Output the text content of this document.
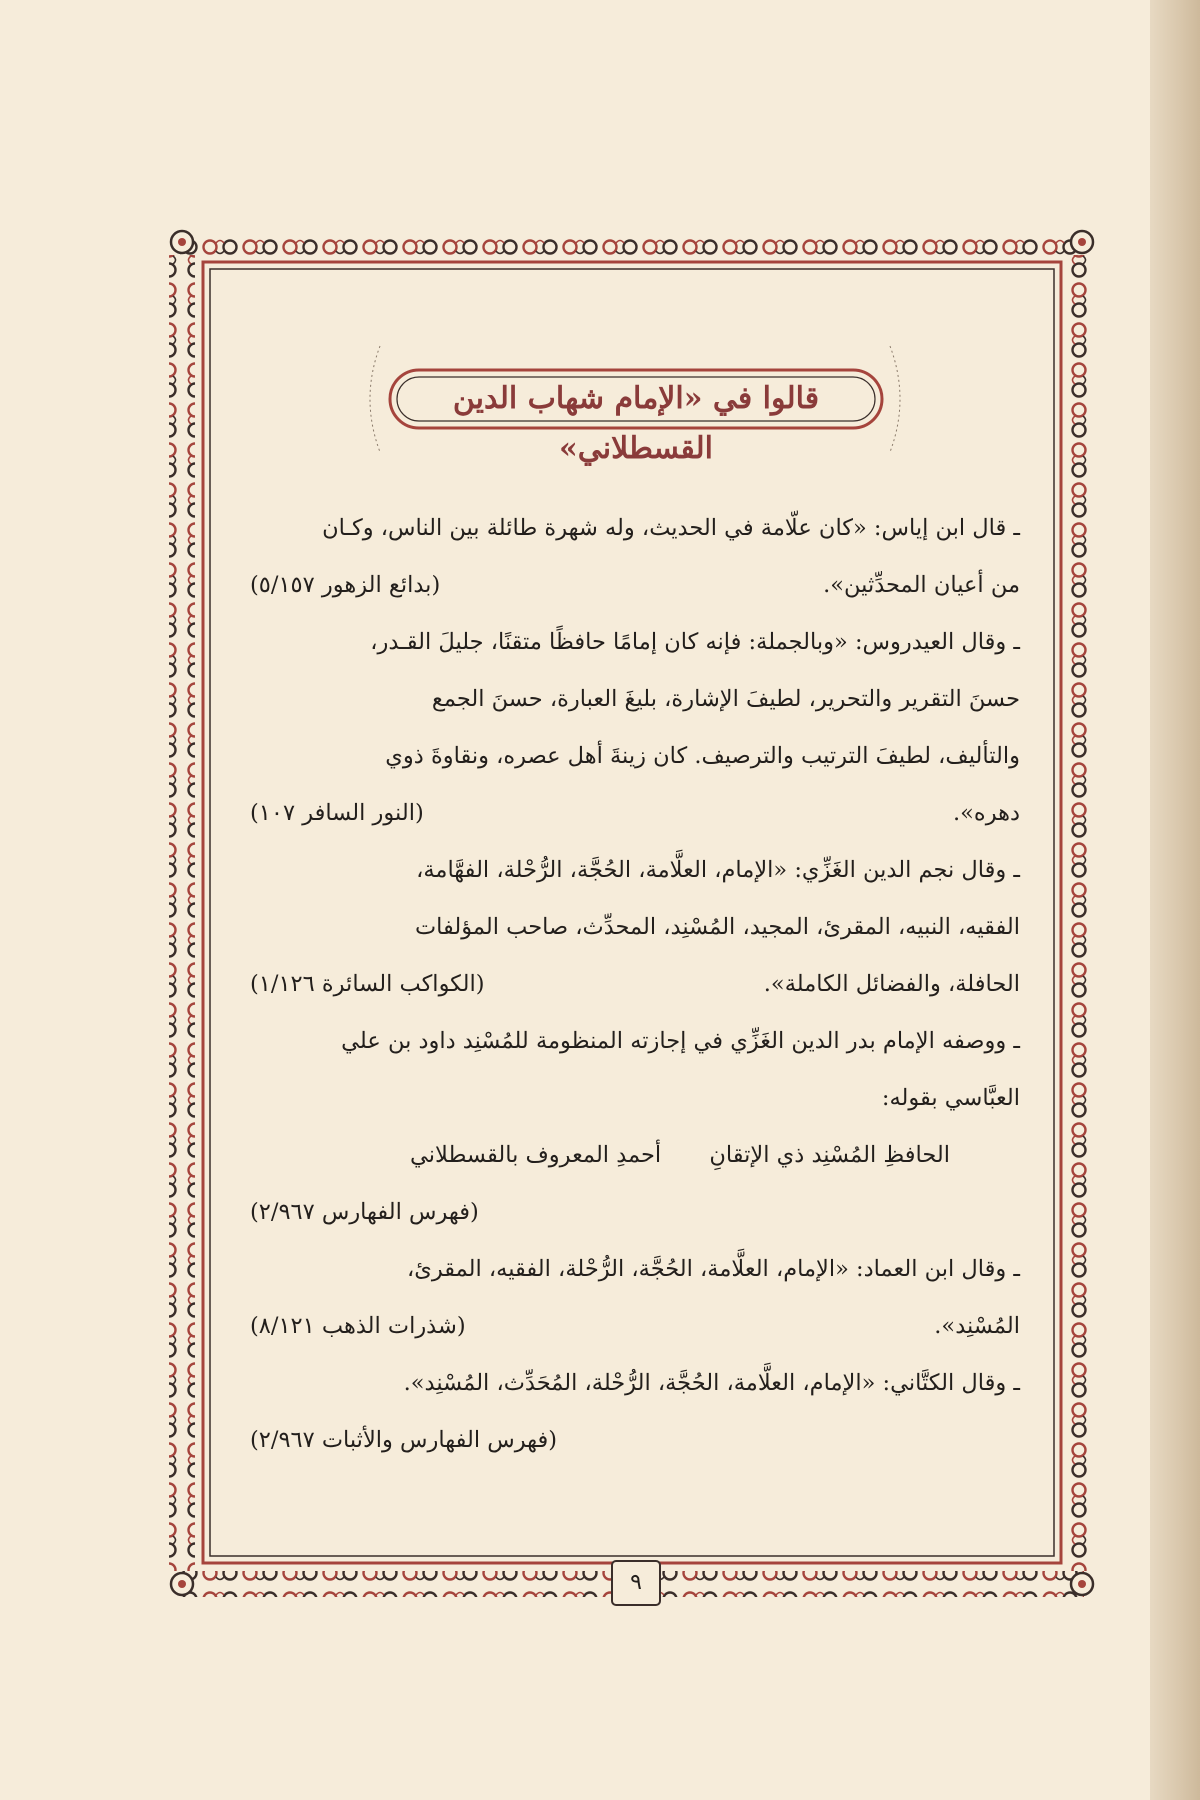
قالوا في «الإمام شهاب الدين القسطلاني»
ـ قال ابن إياس: «كان علّامة في الحديث، وله شهرة طائلة بين الناس، وكـان
من أعيان المحدِّثين».
(بدائع الزهور ٥/١٥٧)
ـ وقال العيدروس: «وبالجملة: فإنه كان إمامًا حافظًا متقنًا، جليلَ القـدر،
حسنَ التقرير والتحرير، لطيفَ الإشارة، بليغَ العبارة، حسنَ الجمع
والتأليف، لطيفَ الترتيب والترصيف. كان زينةَ أهل عصره، ونقاوةَ ذوي
دهره».
(النور السافر ١٠٧)
ـ وقال نجم الدين الغَزِّي: «الإمام، العلَّامة، الحُجَّة، الرُّحْلة، الفهَّامة،
الفقيه، النبيه، المقرئ، المجيد، المُسْنِد، المحدِّث، صاحب المؤلفات
الحافلة، والفضائل الكاملة».
(الكواكب السائرة ١/١٢٦)
ـ ووصفه الإمام بدر الدين الغَزِّي في إجازته المنظومة للمُسْنِد داود بن علي
العبَّاسي بقوله:
الحافظِ المُسْنِد ذي الإتقانِ
أحمدِ المعروف بالقسطلاني
(فهرس الفهارس ٢/٩٦٧)
ـ وقال ابن العماد: «الإمام، العلَّامة، الحُجَّة، الرُّحْلة، الفقيه، المقرئ،
المُسْنِد».
(شذرات الذهب ٨/١٢١)
ـ وقال الكتَّاني: «الإمام، العلَّامة، الحُجَّة، الرُّحْلة، المُحَدِّث، المُسْنِد».
(فهرس الفهارس والأثبات ٢/٩٦٧)
٩
